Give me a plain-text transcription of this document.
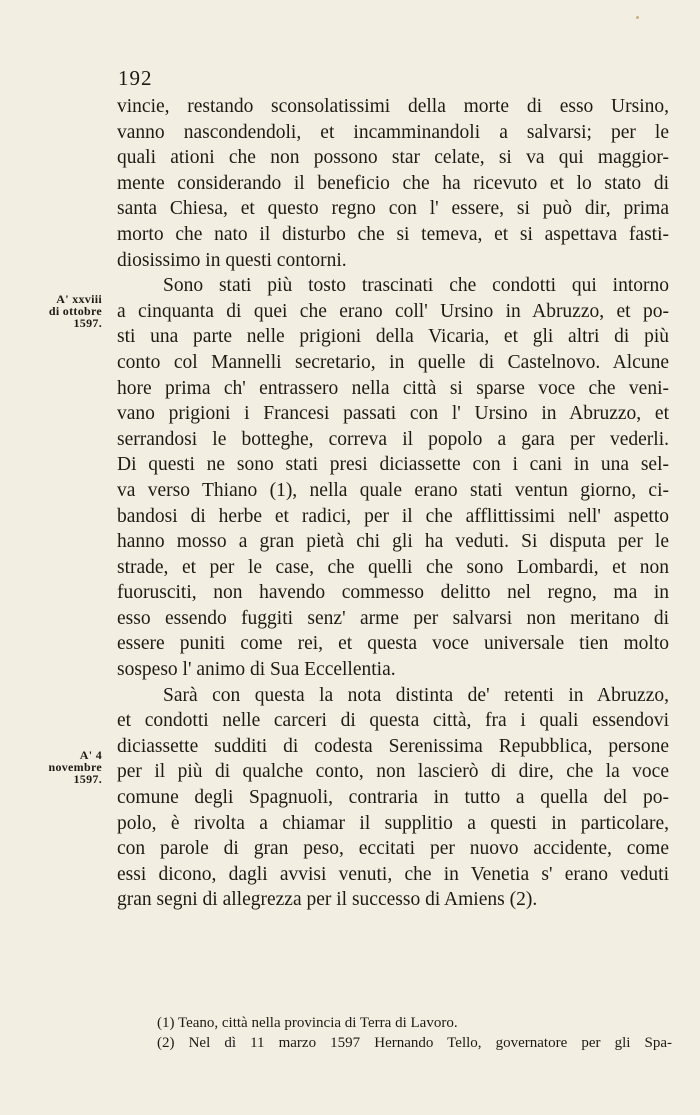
192
A' xxviii
di ottobre
1597.
A' 4
novembre
1597.
vincie, restando sconsolatissimi della morte di esso Ursino,
vanno nascondendoli, et incamminandoli a salvarsi; per le
quali ationi che non possono star celate, si va qui maggior-
mente considerando il beneficio che ha ricevuto et lo stato di
santa Chiesa, et questo regno con l' essere, si può dir, prima
morto che nato il disturbo che si temeva, et si aspettava fasti-
diosissimo in questi contorni.
Sono stati più tosto trascinati che condotti qui intorno
a cinquanta di quei che erano coll' Ursino in Abruzzo, et po-
sti una parte nelle prigioni della Vicaria, et gli altri di più
conto col Mannelli secretario, in quelle di Castelnovo. Alcune
hore prima ch' entrassero nella città si sparse voce che veni-
vano prigioni i Francesi passati con l' Ursino in Abruzzo, et
serrandosi le botteghe, correva il popolo a gara per vederli.
Di questi ne sono stati presi diciassette con i cani in una sel-
va verso Thiano (1), nella quale erano stati ventun giorno, ci-
bandosi di herbe et radici, per il che afflittissimi nell' aspetto
hanno mosso a gran pietà chi gli ha veduti. Si disputa per le
strade, et per le case, che quelli che sono Lombardi, et non
fuorusciti, non havendo commesso delitto nel regno, ma in
esso essendo fuggiti senz' arme per salvarsi non meritano di
essere puniti come rei, et questa voce universale tien molto
sospeso l' animo di Sua Eccellentia.
Sarà con questa la nota distinta de' retenti in Abruzzo,
et condotti nelle carceri di questa città, fra i quali essendovi
diciassette sudditi di codesta Serenissima Repubblica, persone
per il più di qualche conto, non lascierò di dire, che la voce
comune degli Spagnuoli, contraria in tutto a quella del po-
polo, è rivolta a chiamar il supplitio a questi in particolare,
con parole di gran peso, eccitati per nuovo accidente, come
essi dicono, dagli avvisi venuti, che in Venetia s' erano veduti
gran segni di allegrezza per il successo di Amiens (2).
(1) Teano, città nella provincia di Terra di Lavoro.
(2) Nel dì 11 marzo 1597 Hernando Tello, governatore per gli Spa-
